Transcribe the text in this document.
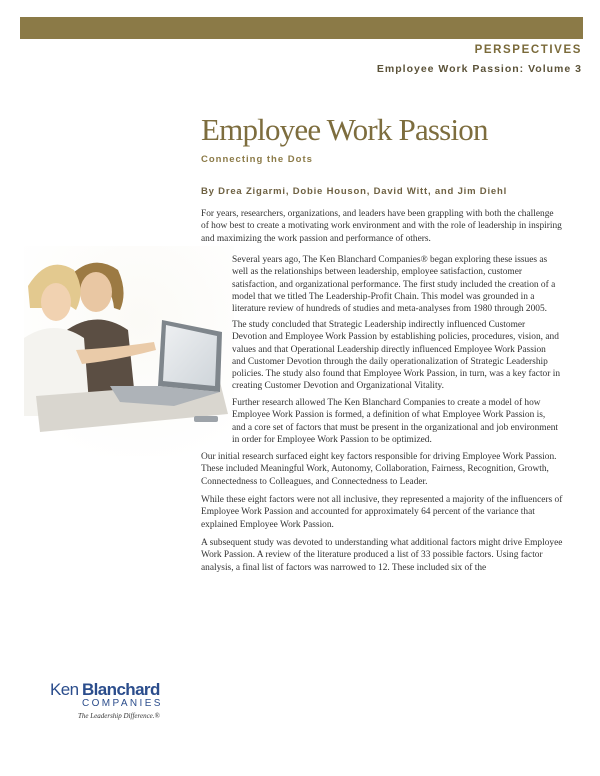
PERSPECTIVES
Employee Work Passion: Volume 3
Employee Work Passion
Connecting the Dots
By Drea Zigarmi, Dobie Houson, David Witt, and Jim Diehl

For years, researchers, organizations, and leaders have been grappling with both the challenge of how best to create a motivating work environment and with the role of leadership in inspiring and maximizing the work passion and performance of others.

Several years ago, The Ken Blanchard Companies® began exploring these issues as well as the relationships between leadership, employee satisfaction, customer satisfaction, and organizational performance. The first study included the creation of a model that we titled The Leadership-Profit Chain. This model was grounded in a literature review of hundreds of studies and meta-analyses from 1980 through 2005.

The study concluded that Strategic Leadership indirectly influenced Customer Devotion and Employee Work Passion by establishing policies, procedures, vision, and values and that Operational Leadership directly influenced Employee Work Passion and Customer Devotion through the daily operationalization of Strategic Leadership policies. The study also found that Employee Work Passion, in turn, was a key factor in creating Customer Devotion and Organizational Vitality.

Further research allowed The Ken Blanchard Companies to create a model of how Employee Work Passion is formed, a definition of what Employee Work Passion is, and a core set of factors that must be present in the organizational and job environment in order for Employee Work Passion to be optimized.

Our initial research surfaced eight key factors responsible for driving Employee Work Passion. These included Meaningful Work, Autonomy, Collaboration, Fairness, Recognition, Growth, Connectedness to Colleagues, and Connectedness to Leader.

While these eight factors were not all inclusive, they represented a majority of the influencers of Employee Work Passion and accounted for approximately 64 percent of the variance that explained Employee Work Passion.

A subsequent study was devoted to understanding what additional factors might drive Employee Work Passion. A review of the literature produced a list of 33 possible factors. Using factor analysis, a final list of factors was narrowed to 12. These included six of the

Ken Blanchard
COMPANIES
The Leadership Difference.®
